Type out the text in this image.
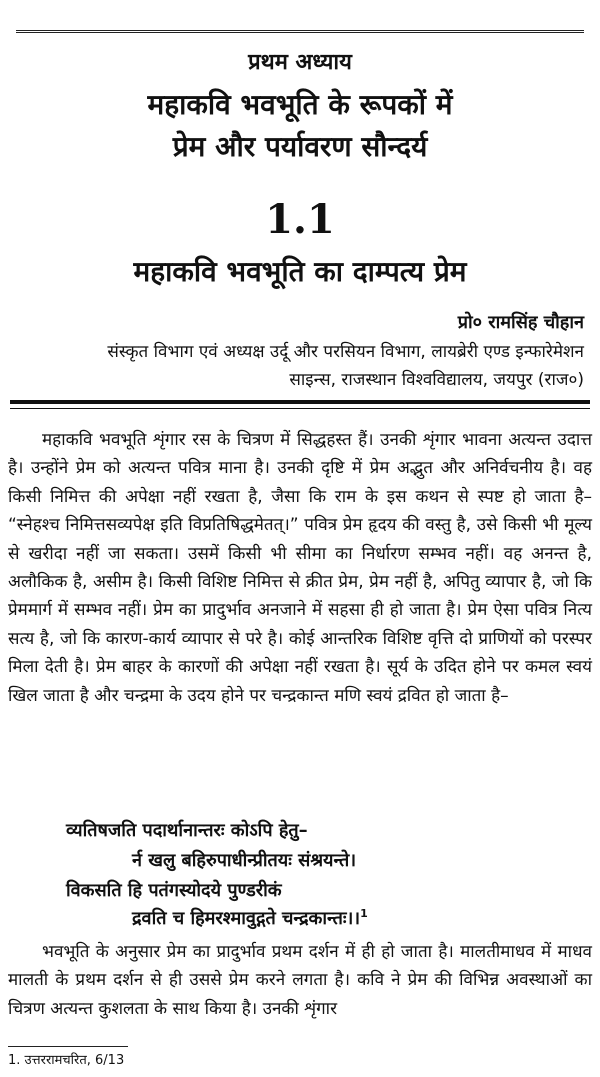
प्रथम अध्याय
महाकवि भवभूति के रूपकों में
प्रेम और पर्यावरण सौन्दर्य
1.1
महाकवि भवभूति का दाम्पत्य प्रेम
प्रो० रामसिंह चौहान
संस्कृत विभाग एवं अध्यक्ष उर्दू और परसियन विभाग, लायब्रेरी एण्ड इन्फारेमेशन
साइन्स, राजस्थान विश्वविद्यालय, जयपुर (राज०)
महाकवि भवभूति शृंगार रस के चित्रण में सिद्धहस्त हैं। उनकी शृंगार भावना अत्यन्त उदात्त है। उन्होंने प्रेम को अत्यन्त पवित्र माना है। उनकी दृष्टि में प्रेम अद्भुत और अनिर्वचनीय है। वह किसी निमित्त की अपेक्षा नहीं रखता है, जैसा कि राम के इस कथन से स्पष्ट हो जाता है– “स्नेहश्च निमित्तसव्यपेक्ष इति विप्रतिषिद्धमेतत्।” पवित्र प्रेम हृदय की वस्तु है, उसे किसी भी मूल्य से खरीदा नहीं जा सकता। उसमें किसी भी सीमा का निर्धारण सम्भव नहीं। वह अनन्त है, अलौकिक है, असीम है। किसी विशिष्ट निमित्त से क्रीत प्रेम, प्रेम नहीं है, अपितु व्यापार है, जो कि प्रेममार्ग में सम्भव नहीं। प्रेम का प्रादुर्भाव अनजाने में सहसा ही हो जाता है। प्रेम ऐसा पवित्र नित्य सत्य है, जो कि कारण-कार्य व्यापार से परे है। कोई आन्तरिक विशिष्ट वृत्ति दो प्राणियों को परस्पर मिला देती है। प्रेम बाहर के कारणों की अपेक्षा नहीं रखता है। सूर्य के उदित होने पर कमल स्वयं खिल जाता है और चन्द्रमा के उदय होने पर चन्द्रकान्त मणि स्वयं द्रवित हो जाता है–
व्यतिषजति पदार्थानान्तरः कोऽपि हेतु–
र्न खलु बहिरुपाधीन्प्रीतयः संश्रयन्ते।
विकसति हि पतंगस्योदये पुण्डरीकं
द्रवति च हिमरश्मावुद्गते चन्द्रकान्तः।।$^1$
भवभूति के अनुसार प्रेम का प्रादुर्भाव प्रथम दर्शन में ही हो जाता है। मालतीमाधव में माधव मालती के प्रथम दर्शन से ही उससे प्रेम करने लगता है। कवि ने प्रेम की विभिन्न अवस्थाओं का चित्रण अत्यन्त कुशलता के साथ किया है। उनकी शृंगार
1. उत्तररामचरित, 6/13
